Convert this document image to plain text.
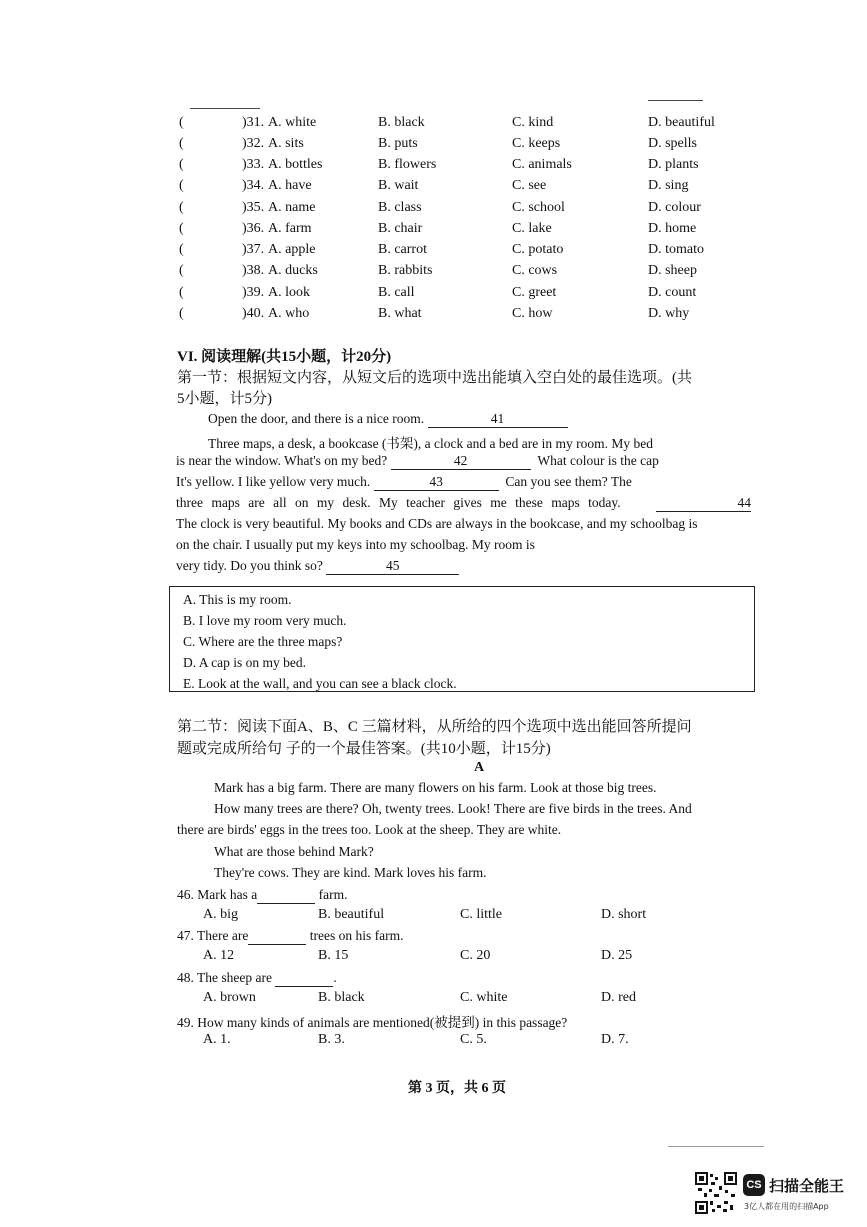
(	)31. A. white	B. black	C. kind	D. beautiful
(	)32. A. sits	B. puts	C. keeps	D. spells
(	)33. A. bottles	B. flowers	C. animals	D. plants
(	)34. A. have	B. wait	C. see	D. sing
(	)35. A. name	B. class	C. school	D. colour
(	)36. A. farm	B. chair	C. lake	D. home
(	)37. A. apple	B. carrot	C. potato	D. tomato
(	)38. A. ducks	B. rabbits	C. cows	D. sheep
(	)39. A. look	B. call	C. greet	D. count
(	)40. A. who	B. what	C. how	D. why
VI. 阅读理解(共15小题，计20分)
第一节：根据短文内容，从短文后的选项中选出能填入空白处的最佳选项。(共
5小题，计5分)
Open the door, and there is a nice room.	41
Three maps, a desk, a bookcase (书架), a clock and a bed are in my room. My bed
is near the window. What's on my bed?	42	What colour is the cap
It's yellow. I like yellow very much.	43	Can you see them? The
three maps are all on my desk. My teacher gives me these maps today.	44
The clock is very beautiful. My books and CDs are always in the bookcase, and my schoolbag is
on the chair. I usually put my keys into my schoolbag. My room is
very tidy. Do you think so?	45
A. This is my room.
B. I love my room very much.
C. Where are the three maps?
D. A cap is on my bed.
E. Look at the wall, and you can see a black clock.
第二节：阅读下面A、B、C 三篇材料，从所给的四个选项中选出能回答所提问
题或完成所给句 子的一个最佳答案。(共10小题，计15分)
A
Mark has a big farm. There are many flowers on his farm. Look at those big trees.
How many trees are there? Oh, twenty trees. Look! There are five birds in the trees. And
there are birds' eggs in the trees too. Look at the sheep. They are white.
What are those behind Mark?
They're cows. They are kind. Mark loves his farm.
46. Mark has a	farm.
A. big	B. beautiful	C. little	D. short
47. There are	trees on his farm.
A. 12	B. 15	C. 20	D. 25
48. The sheep are	.
A. brown	B. black	C. white	D. red
49. How many kinds of animals are mentioned(被提到) in this passage?
A. 1.	B. 3.	C. 5.	D. 7.
第 3 页，共 6 页
CS 扫描全能王
3亿人都在用的扫描App
